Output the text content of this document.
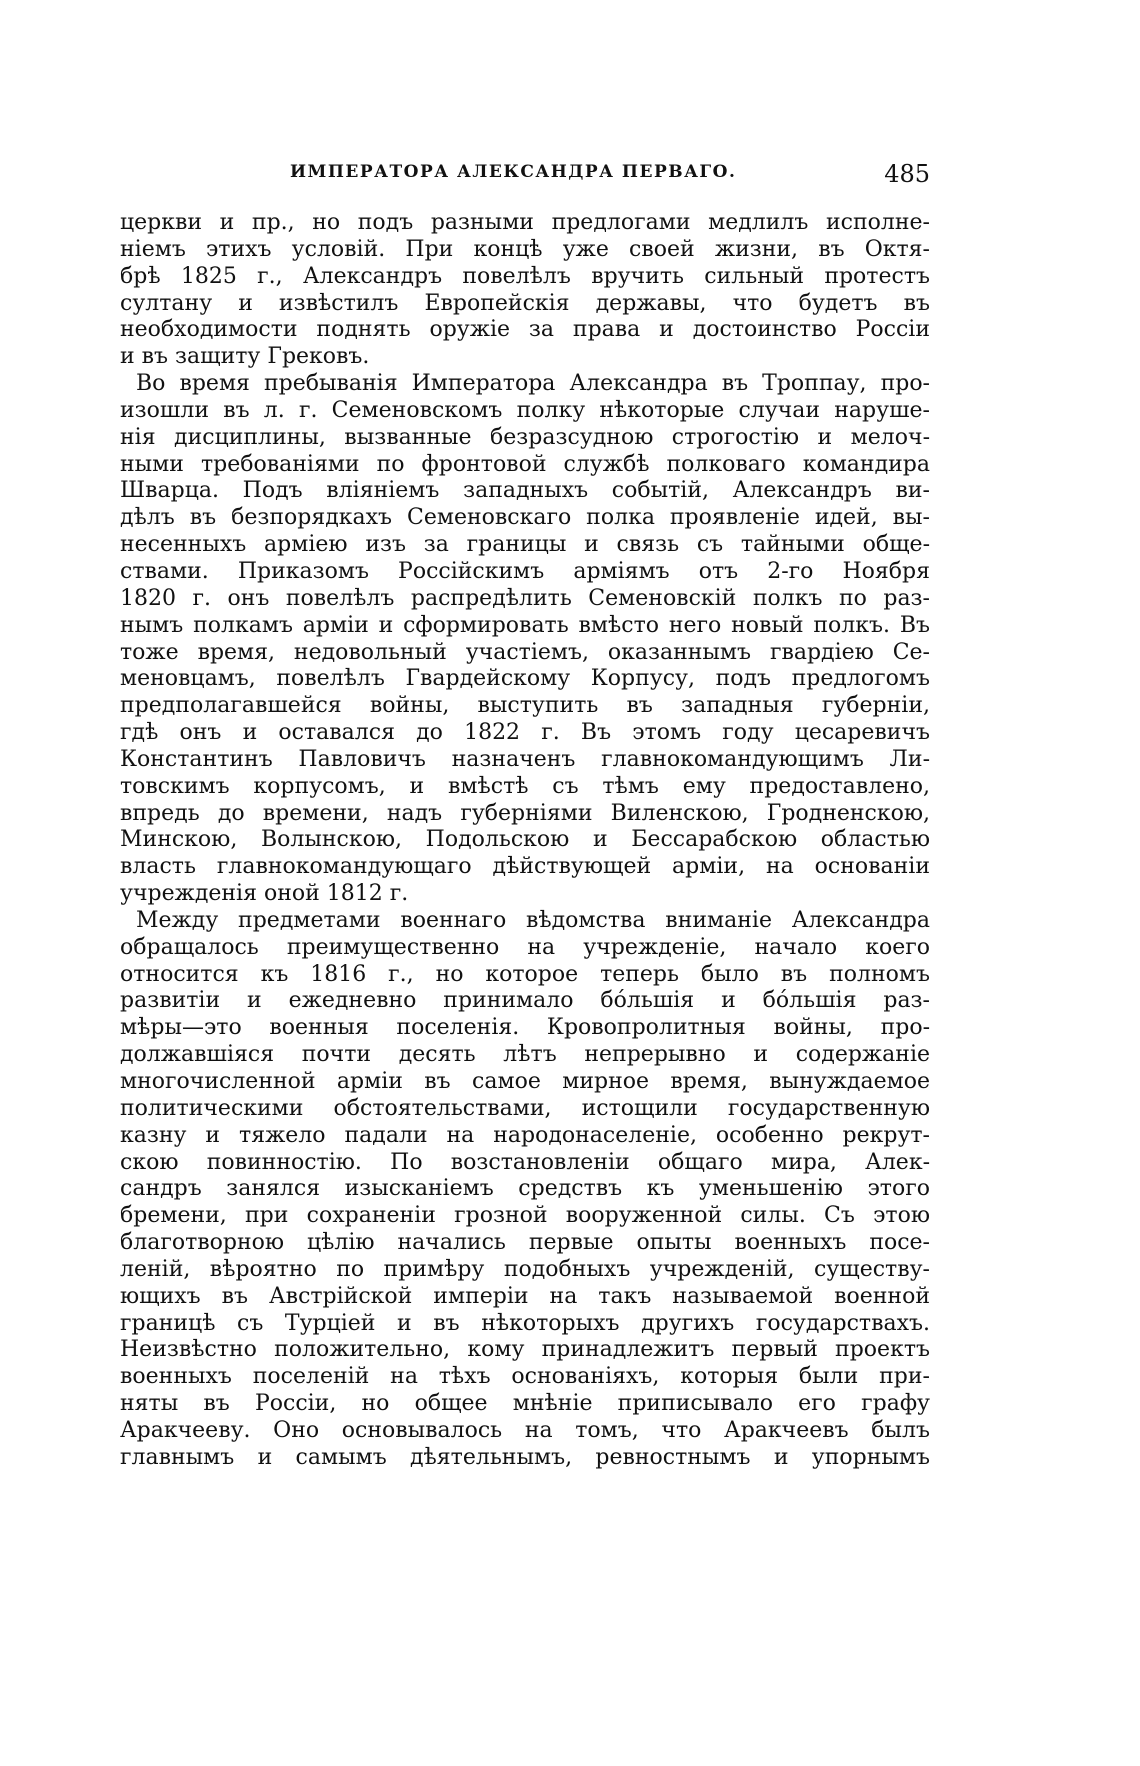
ИМПЕРАТОРА АЛЕКСАНДРА ПЕРВАГО.	485
церкви и пр., но подъ разными предлогами медлилъ исполне-
ніемъ этихъ условій. При концѣ уже своей жизни, въ Октя-
брѣ 1825 г., Александръ повелѣлъ вручить сильный протестъ
султану и извѣстилъ Европейскія державы, что будетъ въ
необходимости поднять оружіе за права и достоинство Россіи
и въ защиту Грековъ.
Во время пребыванія Императора Александра въ Троппау, про-
изошли въ л. г. Семеновскомъ полку нѣкоторые случаи наруше-
нія дисциплины, вызванные безразсудною строгостію и мелоч-
ными требованіями по фронтовой службѣ полковаго командира
Шварца. Подъ вліяніемъ западныхъ событій, Александръ ви-
дѣлъ въ безпорядкахъ Семеновскаго полка проявленіе идей, вы-
несенныхъ арміею изъ за границы и связь съ тайными обще-
ствами. Приказомъ Россійскимъ арміямъ отъ 2-го Ноября
1820 г. онъ повелѣлъ распредѣлить Семеновскій полкъ по раз-
нымъ полкамъ арміи и сформировать вмѣсто него новый полкъ. Въ
тоже время, недовольный участіемъ, оказаннымъ гвардіею Се-
меновцамъ, повелѣлъ Гвардейскому Корпусу, подъ предлогомъ
предполагавшейся войны, выступить въ западныя губерніи,
гдѣ онъ и оставался до 1822 г. Въ этомъ году цесаревичъ
Константинъ Павловичъ назначенъ главнокомандующимъ Ли-
товскимъ корпусомъ, и вмѣстѣ съ тѣмъ ему предоставлено,
впредь до времени, надъ губерніями Виленскою, Гродненскою,
Минскою, Волынскою, Подольскою и Бессарабскою областью
власть главнокомандующаго дѣйствующей арміи, на основаніи
учрежденія оной 1812 г.
Между предметами военнаго вѣдомства вниманіе Александра
обращалось преимущественно на учрежденіе, начало коего
относится къ 1816 г., но которое теперь было въ полномъ
развитіи и ежедневно принимало бóльшія и бóльшія раз-
мѣры—это военныя поселенія. Кровопролитныя войны, про-
должавшіяся почти десять лѣтъ непрерывно и содержаніе
многочисленной арміи въ самое мирное время, вынуждаемое
политическими обстоятельствами, истощили государственную
казну и тяжело падали на народонаселеніе, особенно рекрут-
скою повинностію. По возстановленіи общаго мира, Алек-
сандръ занялся изысканіемъ средствъ къ уменьшенію этого
бремени, при сохраненіи грозной вооруженной силы. Съ этою
благотворною цѣлію начались первые опыты военныхъ посе-
леній, вѣроятно по примѣру подобныхъ учрежденій, существу-
ющихъ въ Австрійской имперіи на такъ называемой военной
границѣ съ Турціей и въ нѣкоторыхъ другихъ государствахъ.
Неизвѣстно положительно, кому принадлежитъ первый проектъ
военныхъ поселеній на тѣхъ основаніяхъ, которыя были при-
няты въ Россіи, но общее мнѣніе приписывало его графу
Аракчееву. Оно основывалось на томъ, что Аракчеевъ былъ
главнымъ и самымъ дѣятельнымъ, ревностнымъ и упорнымъ
